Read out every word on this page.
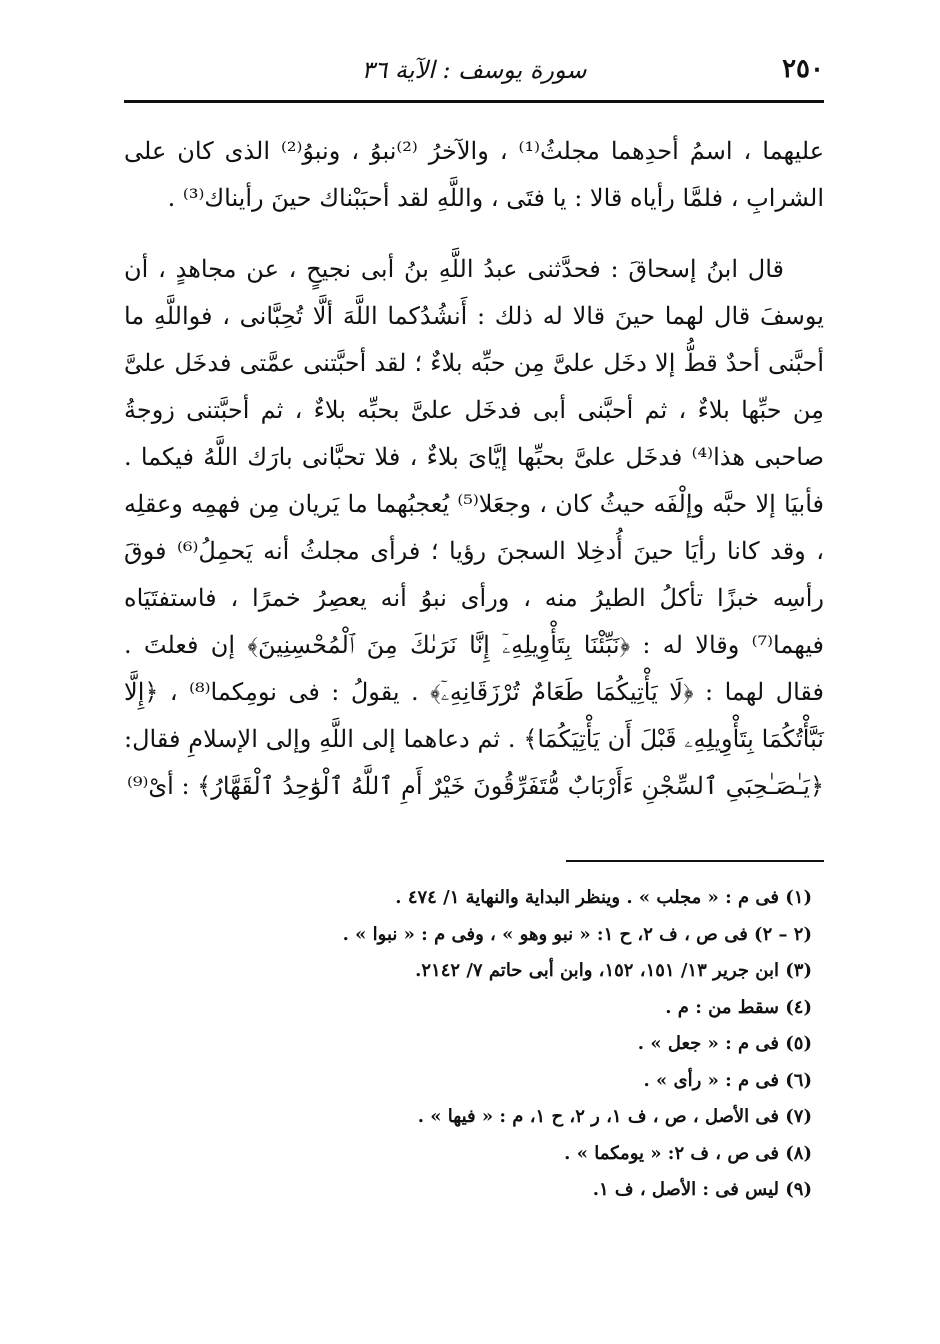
٢٥٠
سورة يوسف : الآية ٣٦

عليهما ، اسمُ أحدِهما مجلثُ⁽¹⁾ ، والآخرُ ⁽²⁾نبوُ ، ونبوُ⁽²⁾ الذى كان على الشرابِ ، فلمَّا رأياه قالا : يا فتَى ، واللَّهِ لقد أحبَبْناك حينَ رأيناك⁽³⁾ .

قال ابنُ إسحاقَ : فحدَّثنى عبدُ اللَّهِ بنُ أبى نجيحٍ ، عن مجاهدٍ ، أن يوسفَ قال لهما حينَ قالا له ذلك : أَنشُدُكما اللَّهَ ألَّا تُحِبَّانى ، فواللَّهِ ما أحبَّنى أحدٌ قطُّ إلا دخَل علىَّ مِن حبِّه بلاءٌ ؛ لقد أحبَّتنى عمَّتى فدخَل علىَّ مِن حبِّها بلاءٌ ، ثم أحبَّنى أبى فدخَل علىَّ بحبِّه بلاءٌ ، ثم أحبَّتنى زوجةُ صاحبى هذا⁽⁴⁾ فدخَل علىَّ بحبِّها إيَّاىَ بلاءٌ ، فلا تحبَّانى بارَك اللَّهُ فيكما . فأبيَا إلا حبَّه وإلْفَه حيثُ كان ، وجعَلا⁽⁵⁾ يُعجبُهما ما يَريان مِن فهمِه وعقلِه ، وقد كانا رأيَا حينَ أُدخِلا السجنَ رؤيا ؛ فرأى مجلثُ أنه يَحمِلُ⁽⁶⁾ فوقَ رأسِه خبزًا تأكلُ الطيرُ منه ، ورأى نبوُ أنه يعصِرُ خمرًا ، فاستفتَيَاه فيهما⁽⁷⁾ وقالا له : ﴿نَبِّئْنَا بِتَأْوِيلِهِۦٓ إِنَّا نَرَىٰكَ مِنَ ٱلْمُحْسِنِينَ﴾ إن فعلتَ . فقال لهما : ﴿لَا يَأْتِيكُمَا طَعَامٌ تُرْزَقَانِهِۦٓ﴾ . يقولُ : فى نومِكما⁽⁸⁾ ، ﴿إِلَّا نَبَّأْتُكُمَا بِتَأْوِيلِهِۦ قَبْلَ أَن يَأْتِيَكُمَا﴾ . ثم دعاهما إلى اللَّهِ وإلى الإسلامِ فقال: ﴿يَـٰصَـٰحِبَىِ ٱلسِّجْنِ ءَأَرْبَابٌ مُّتَفَرِّقُونَ خَيْرٌ أَمِ ٱللَّهُ ٱلْوَٰحِدُ ٱلْقَهَّارُ﴾ : أىْ⁽⁹⁾

(١) فى م : « مجلب » . وينظر البداية والنهاية ١/ ٤٧٤ .
(٢ – ٢) فى ص ، ف ٢، ح ١: « نبو وهو » ، وفى م : « نبوا » .
(٣) ابن جرير ١٣/ ١٥١، ١٥٢، وابن أبى حاتم ٧/ ٢١٤٢.
(٤) سقط من : م .
(٥) فى م : « جعل » .
(٦) فى م : « رأى » .
(٧) فى الأصل ، ص ، ف ١، ر ٢، ح ١، م : « فيها » .
(٨) فى ص ، ف ٢: « يومكما » .
(٩) ليس فى : الأصل ، ف ١.
